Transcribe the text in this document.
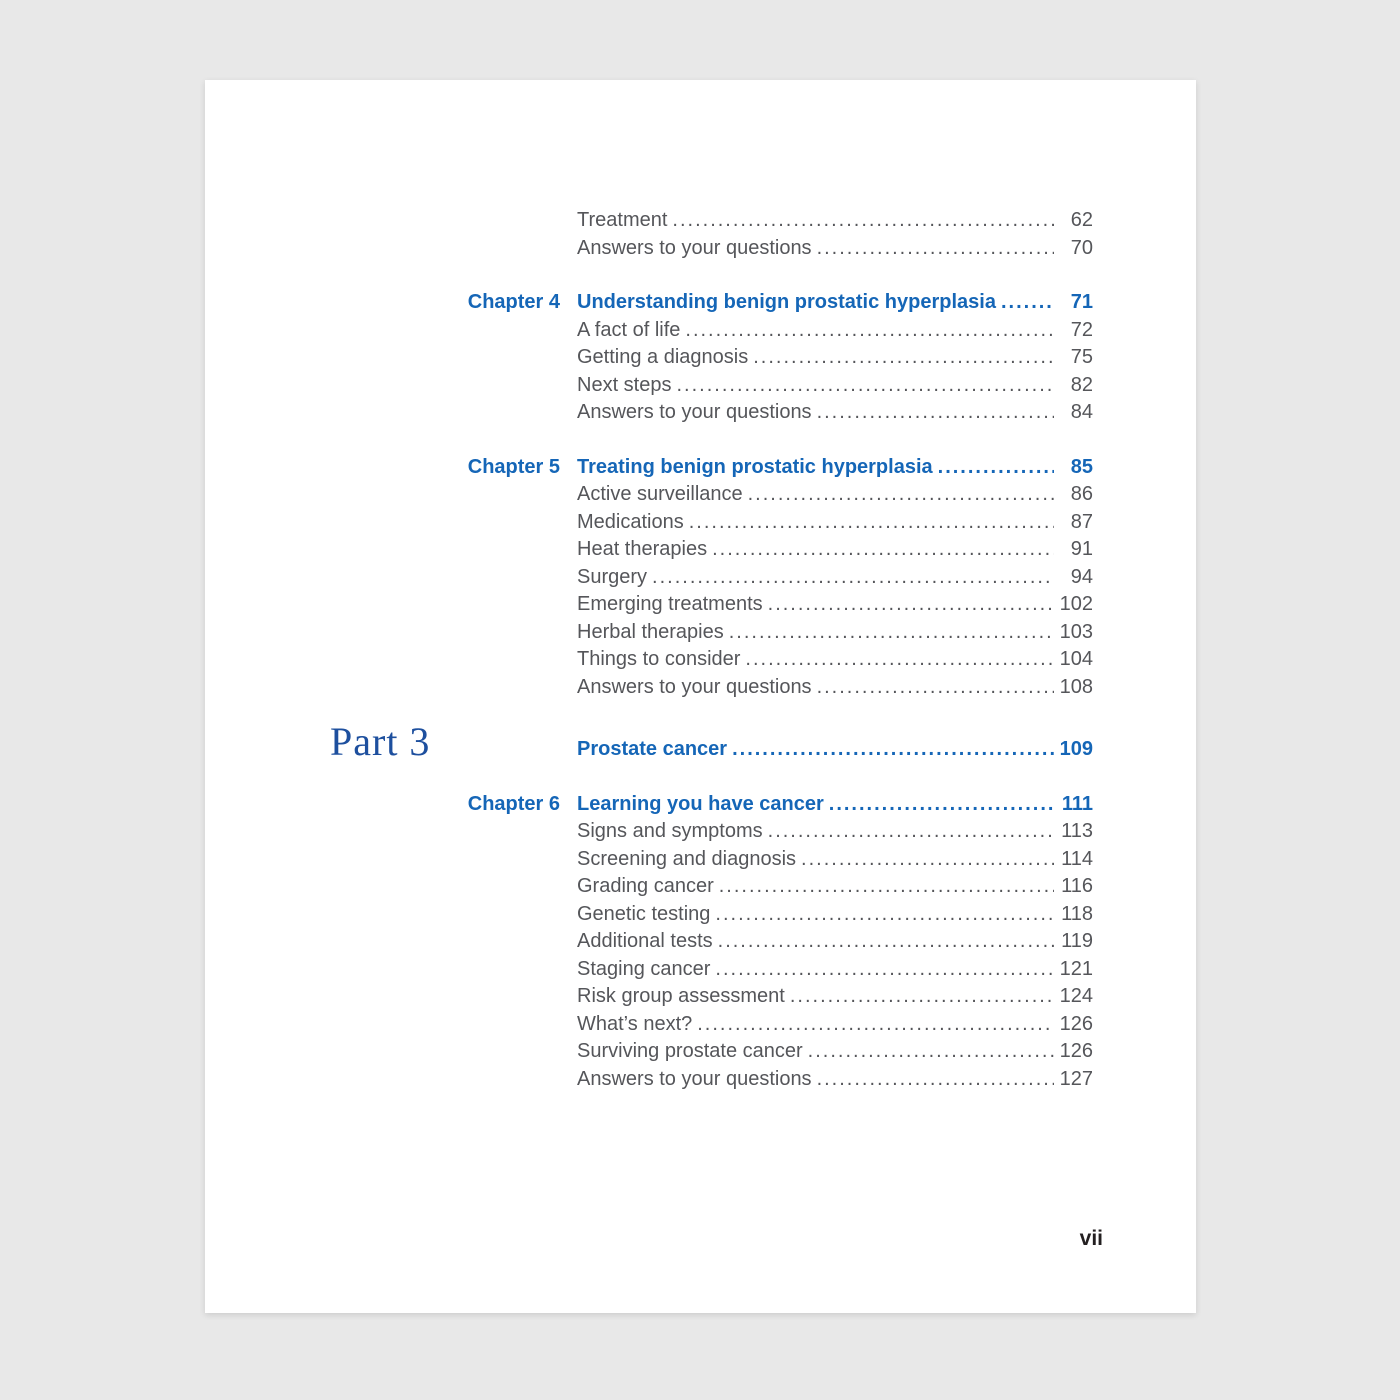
Treatment .....	62
Answers to your questions .....	70
Chapter 4 Understanding benign prostatic hyperplasia .....	71
A fact of life .....	72
Getting a diagnosis .....	75
Next steps .....	82
Answers to your questions .....	84
Chapter 5 Treating benign prostatic hyperplasia .....	85
Active surveillance .....	86
Medications .....	87
Heat therapies .....	91
Surgery .....	94
Emerging treatments .....	102
Herbal therapies .....	103
Things to consider .....	104
Answers to your questions .....	108
Part 3	Prostate cancer .....	109
Chapter 6 Learning you have cancer .....	111
Signs and symptoms .....	113
Screening and diagnosis .....	114
Grading cancer .....	116
Genetic testing .....	118
Additional tests .....	119
Staging cancer .....	121
Risk group assessment .....	124
What’s next? .....	126
Surviving prostate cancer .....	126
Answers to your questions .....	127
vii
